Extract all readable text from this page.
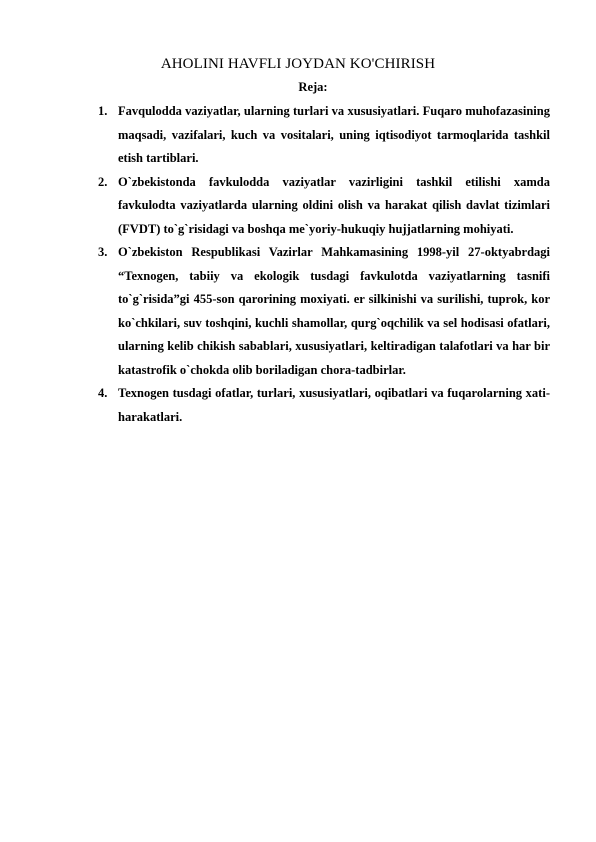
AHOLINI HAVFLI JOYDAN KO'CHIRISH

Reja:

1. Favqulodda vaziyatlar, ularning turlari va xususiyatlari. Fuqaro muhofazasining maqsadi, vazifalari, kuch va vositalari, uning iqtisodiyot tarmoqlarida tashkil etish tartiblari.
2. O`zbekistonda favkulodda vaziyatlar vazirligini tashkil etilishi xamda favkulodta vaziyatlarda ularning oldini olish va harakat qilish davlat tizimlari (FVDT) to`g`risidagi va boshqa me`yoriy-hukuqiy hujjatlarning mohiyati.
3. O`zbekiston Respublikasi Vazirlar Mahkamasining 1998-yil 27-oktyabrdagi “Texnogen, tabiiy va ekologik tusdagi favkulotda vaziyatlarning tasnifi to`g`risida”gi 455-son qarorining moxiyati. er silkinishi va surilishi, tuprok, kor ko`chkilari, suv toshqini, kuchli shamollar, qurg`oqchilik va sel hodisasi ofatlari, ularning kelib chikish sabablari, xususiyatlari, keltiradigan talafotlari va har bir katastrofik o`chokda olib boriladigan chora-tadbirlar.
4. Texnogen tusdagi ofatlar, turlari, xususiyatlari, oqibatlari va fuqarolarning xati-harakatlari.
